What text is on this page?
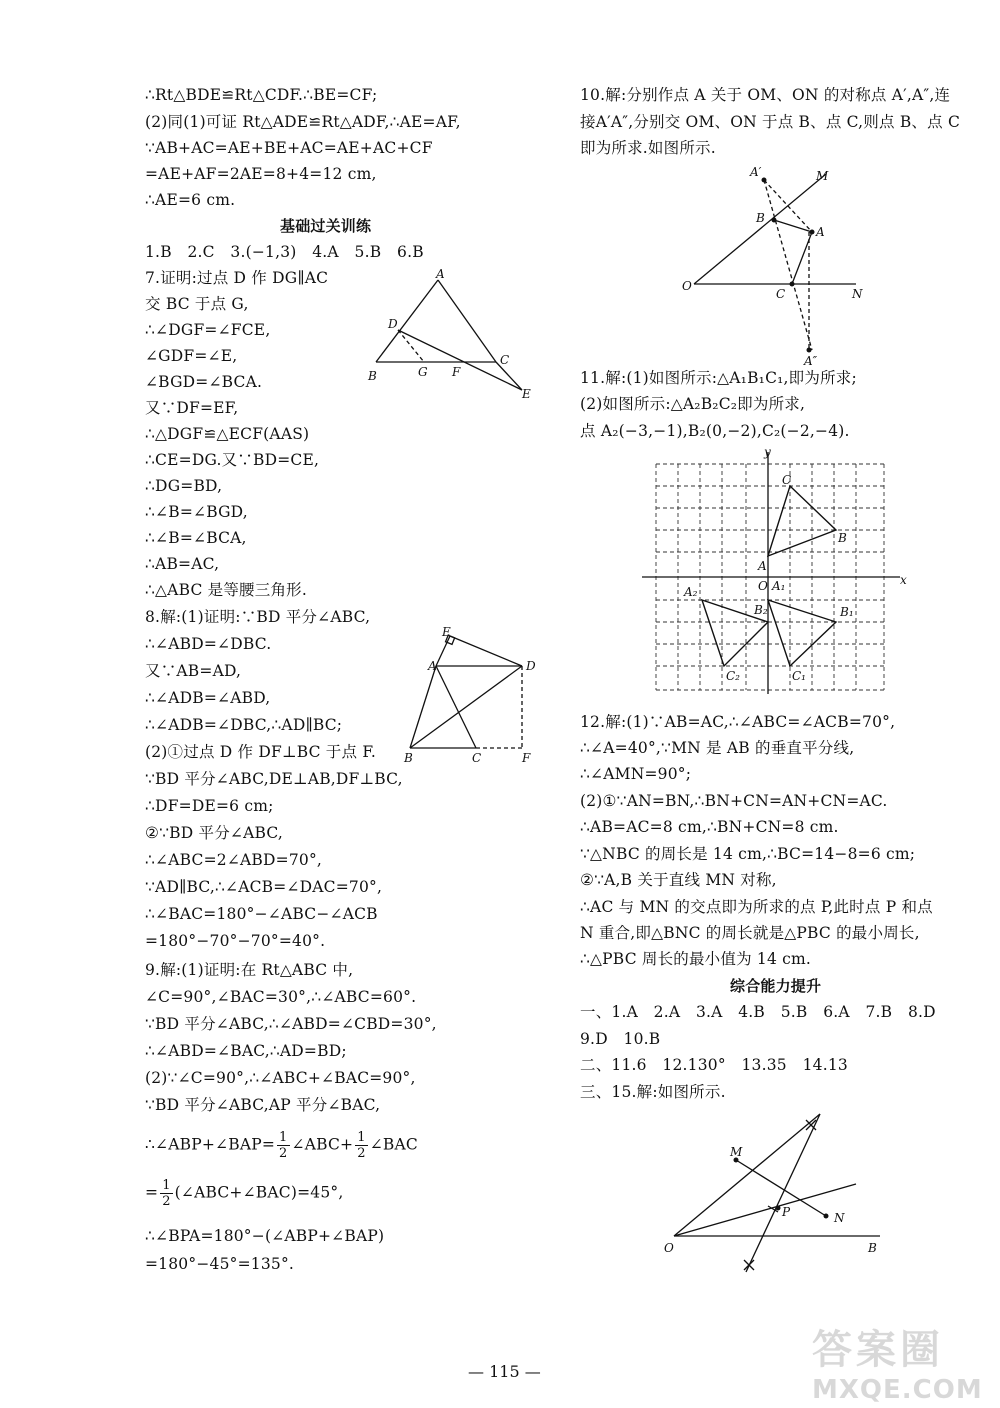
∴Rt△BDE≌Rt△CDF.∴BE=CF;
(2)同(1)可证 Rt△ADE≌Rt△ADF,∴AE=AF,
∵AB+AC=AE+BE+AC=AE+AC+CF
=AE+AF=2AE=8+4=12 cm,
∴AE=6 cm.
基础过关训练
1.B　2.C　3.(−1,3)　4.A　5.B　6.B
7.证明:过点 D 作 DG∥AC
交 BC 于点 G,
∴∠DGF=∠FCE,
∠GDF=∠E,
∠BGD=∠BCA.
又∵DF=EF,
∴△DGF≌△ECF(AAS)
∴CE=DG.又∵BD=CE,
∴DG=BD,
∴∠B=∠BGD,
∴∠B=∠BCA,
∴AB=AC,
∴△ABC 是等腰三角形.
8.解:(1)证明:∵BD 平分∠ABC,
∴∠ABD=∠DBC.
又∵AB=AD,
∴∠ADB=∠ABD,
∴∠ADB=∠DBC,∴AD∥BC;
(2)①过点 D 作 DF⊥BC 于点 F.
∵BD 平分∠ABC,DE⊥AB,DF⊥BC,
∴DF=DE=6 cm;
②∵BD 平分∠ABC,
∴∠ABC=2∠ABD=70°,
∵AD∥BC,∴∠ACB=∠DAC=70°,
∴∠BAC=180°−∠ABC−∠ACB
=180°−70°−70°=40°.
9.解:(1)证明:在 Rt△ABC 中,
∠C=90°,∠BAC=30°,∴∠ABC=60°.
∵BD 平分∠ABC,∴∠ABD=∠CBD=30°,
∴∠ABD=∠BAC,∴AD=BD;
(2)∵∠C=90°,∴∠ABC+∠BAC=90°,
∵BD 平分∠ABC,AP 平分∠BAC,
∴∠ABP+∠BAP= $\frac{1}{2}$ ∠ABC+ $\frac{1}{2}$ ∠BAC
= $\frac{1}{2}$ (∠ABC+∠BAC)=45°,
∴∠BPA=180°−(∠ABP+∠BAP)
=180°−45°=135°.
A
B
C
D
E
F
G
A
B	C
D
E
F
10.解:分别作点 A 关于 OM、ON 的对称点 A′,A″,连
接A′A″,分别交 OM、ON 于点 B、点 C,则点 B、点 C
即为所求.如图所示.
11.解:(1)如图所示:△A₁B₁C₁,即为所求;
(2)如图所示:△A₂B₂C₂即为所求,
点 A₂(−3,−1),B₂(0,−2),C₂(−2,−4).
12.解:(1)∵AB=AC,∴∠ABC=∠ACB=70°,
∴∠A=40°,∵MN 是 AB 的垂直平分线,
∴∠AMN=90°;
(2)①∵AN=BN,∴BN+CN=AN+CN=AC.
∴AB=AC=8 cm,∴BN+CN=8 cm.
∵△NBC 的周长是 14 cm,∴BC=14−8=6 cm;
②∵A,B 关于直线 MN 对称,
∴AC 与 MN 的交点即为所求的点 P,此时点 P 和点
N 重合,即△BNC 的周长就是△PBC 的最小周长,
∴△PBC 周长的最小值为 14 cm.
综合能力提升
一、1.A　2.A　3.A　4.B　5.B　6.A　7.B　8.D
9.D　10.B
二、11.6　12.130°　13.35　14.13
三、15.解:如图所示.
A′
A
A″
B
C
O
M
N
y
x
O
A
B
C
A₁
B₁
C₁
A₂
B₂
C₂
M
N
P
O	B
— 115 —	答案圈
MXQE.COM
